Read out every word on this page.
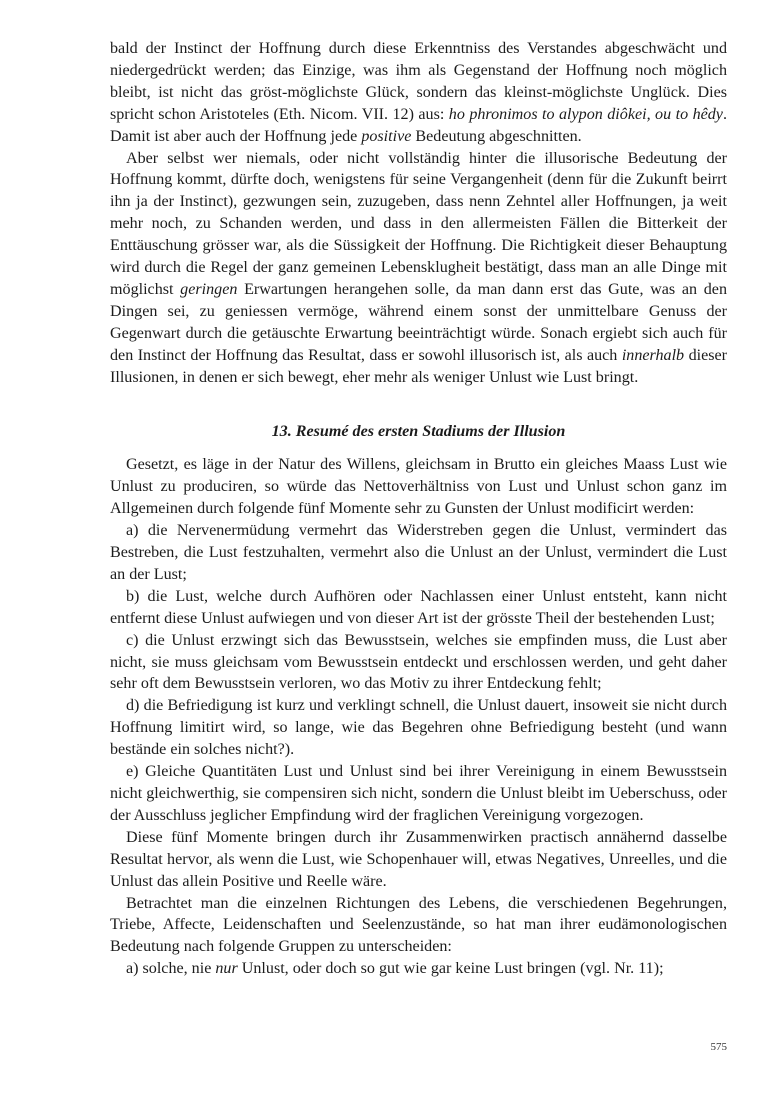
bald der Instinct der Hoffnung durch diese Erkenntniss des Verstandes abgeschwächt und niedergedrückt werden; das Einzige, was ihm als Gegenstand der Hoffnung noch möglich bleibt, ist nicht das gröst-möglichste Glück, sondern das kleinst-möglichste Unglück. Dies spricht schon Aristoteles (Eth. Nicom. VII. 12) aus: ho phronimos to alypon diôkei, ou to hêdy. Damit ist aber auch der Hoffnung jede positive Bedeutung abgeschnitten.

Aber selbst wer niemals, oder nicht vollständig hinter die illusorische Bedeutung der Hoffnung kommt, dürfte doch, wenigstens für seine Vergangenheit (denn für die Zukunft beirrt ihn ja der Instinct), gezwungen sein, zuzugeben, dass nenn Zehntel aller Hoffnungen, ja weit mehr noch, zu Schanden werden, und dass in den allermeisten Fällen die Bitterkeit der Enttäuschung grösser war, als die Süssigkeit der Hoffnung. Die Richtigkeit dieser Behauptung wird durch die Regel der ganz gemeinen Lebensklugheit bestätigt, dass man an alle Dinge mit möglichst geringen Erwartungen herangehen solle, da man dann erst das Gute, was an den Dingen sei, zu geniessen vermöge, während einem sonst der unmittelbare Genuss der Gegenwart durch die getäuschte Erwartung beeinträchtigt würde. Sonach ergiebt sich auch für den Instinct der Hoffnung das Resultat, dass er sowohl illusorisch ist, als auch innerhalb dieser Illusionen, in denen er sich bewegt, eher mehr als weniger Unlust wie Lust bringt.

13. Resumé des ersten Stadiums der Illusion

Gesetzt, es läge in der Natur des Willens, gleichsam in Brutto ein gleiches Maass Lust wie Unlust zu produciren, so würde das Nettoverhältniss von Lust und Unlust schon ganz im Allgemeinen durch folgende fünf Momente sehr zu Gunsten der Unlust modificirt werden:

a) die Nervenermüdung vermehrt das Widerstreben gegen die Unlust, vermindert das Bestreben, die Lust festzuhalten, vermehrt also die Unlust an der Unlust, vermindert die Lust an der Lust;

b) die Lust, welche durch Aufhören oder Nachlassen einer Unlust entsteht, kann nicht entfernt diese Unlust aufwiegen und von dieser Art ist der grösste Theil der bestehenden Lust;

c) die Unlust erzwingt sich das Bewusstsein, welches sie empfinden muss, die Lust aber nicht, sie muss gleichsam vom Bewusstsein entdeckt und erschlossen werden, und geht daher sehr oft dem Bewusstsein verloren, wo das Motiv zu ihrer Entdeckung fehlt;

d) die Befriedigung ist kurz und verklingt schnell, die Unlust dauert, insoweit sie nicht durch Hoffnung limitirt wird, so lange, wie das Begehren ohne Befriedigung besteht (und wann bestände ein solches nicht?).

e) Gleiche Quantitäten Lust und Unlust sind bei ihrer Vereinigung in einem Bewusstsein nicht gleichwerthig, sie compensiren sich nicht, sondern die Unlust bleibt im Ueberschuss, oder der Ausschluss jeglicher Empfindung wird der fraglichen Vereinigung vorgezogen.

Diese fünf Momente bringen durch ihr Zusammenwirken practisch annähernd dasselbe Resultat hervor, als wenn die Lust, wie Schopenhauer will, etwas Negatives, Unreelles, und die Unlust das allein Positive und Reelle wäre.

Betrachtet man die einzelnen Richtungen des Lebens, die verschiedenen Begehrungen, Triebe, Affecte, Leidenschaften und Seelenzustände, so hat man ihrer eudämonologischen Bedeutung nach folgende Gruppen zu unterscheiden:

a) solche, nie nur Unlust, oder doch so gut wie gar keine Lust bringen (vgl. Nr. 11);

575
